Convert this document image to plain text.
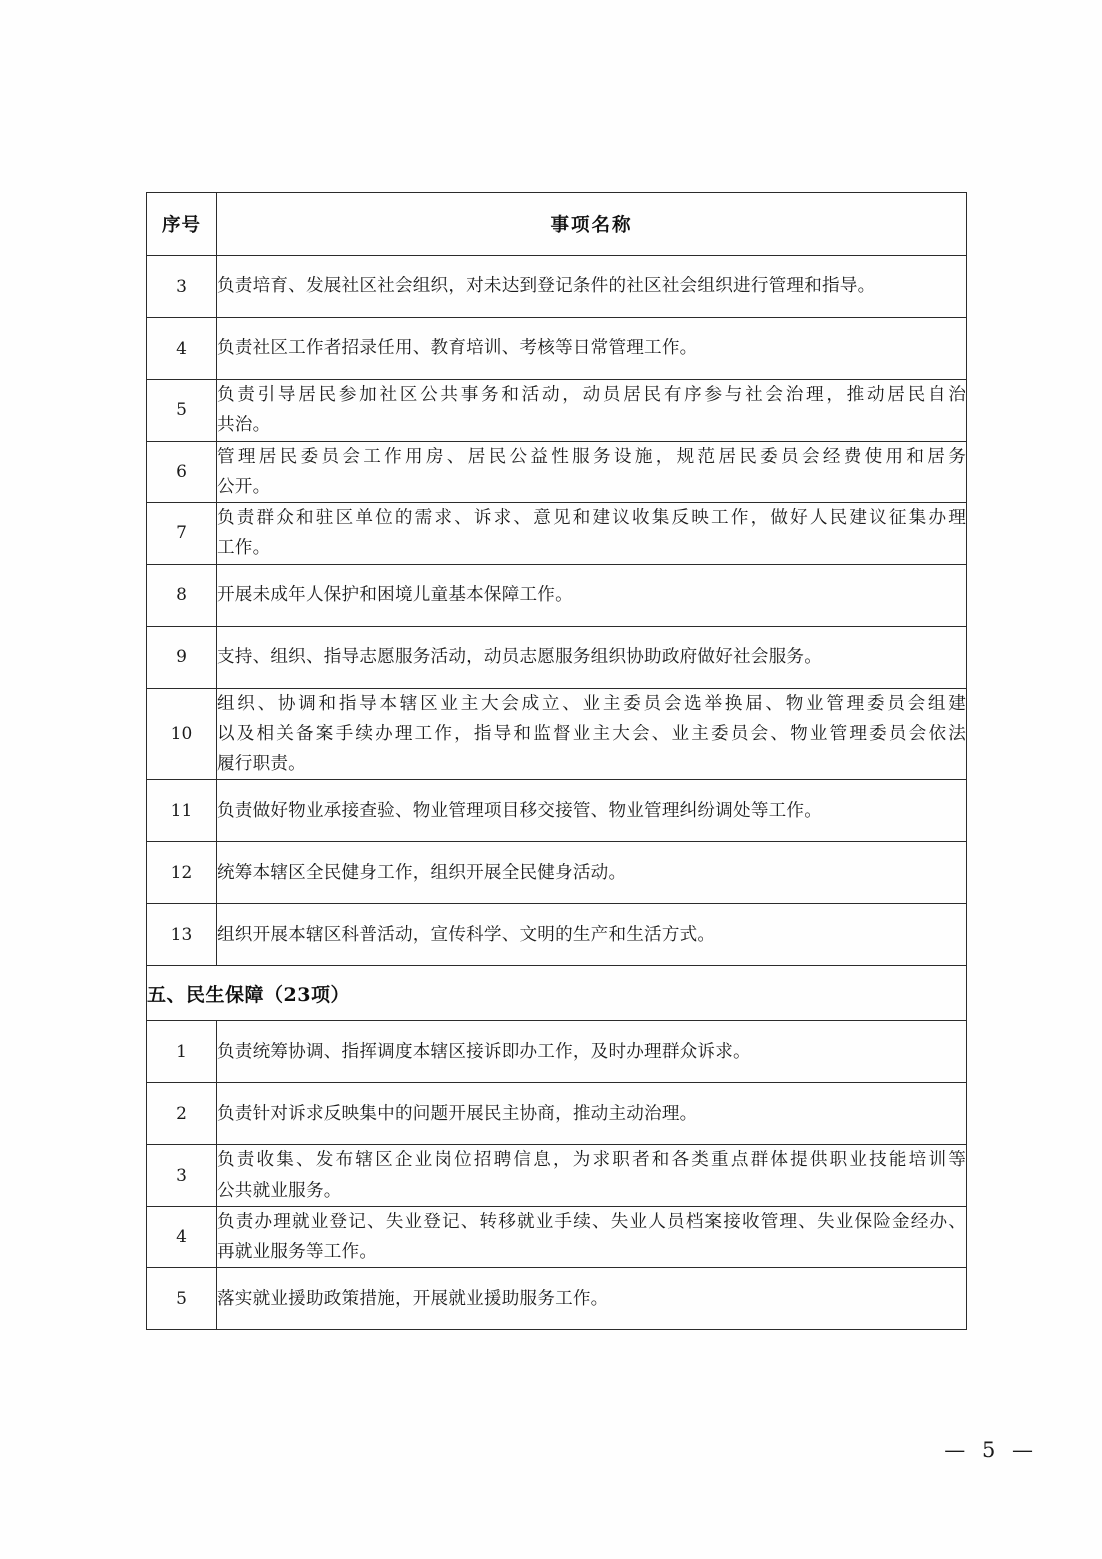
序号	事项名称
3	负责培育、发展社区社会组织，对未达到登记条件的社区社会组织进行管理和指导。

4	负责社区工作者招录任用、教育培训、考核等日常管理工作。

5	负责引导居民参加社区公共事务和活动，动员居民有序参与社会治理，推动居民自治
共治。

6	管理居民委员会工作用房、居民公益性服务设施，规范居民委员会经费使用和居务
公开。

7	负责群众和驻区单位的需求、诉求、意见和建议收集反映工作，做好人民建议征集办理
工作。

8	开展未成年人保护和困境儿童基本保障工作。

9	支持、组织、指导志愿服务活动，动员志愿服务组织协助政府做好社会服务。

10	组织、协调和指导本辖区业主大会成立、业主委员会选举换届、物业管理委员会组建
以及相关备案手续办理工作，指导和监督业主大会、业主委员会、物业管理委员会依法
履行职责。

11	负责做好物业承接查验、物业管理项目移交接管、物业管理纠纷调处等工作。

12	统筹本辖区全民健身工作，组织开展全民健身活动。

13	组织开展本辖区科普活动，宣传科学、文明的生产和生活方式。

五、民生保障（23项）	
1	负责统筹协调、指挥调度本辖区接诉即办工作，及时办理群众诉求。

2	负责针对诉求反映集中的问题开展民主协商，推动主动治理。

3	负责收集、发布辖区企业岗位招聘信息，为求职者和各类重点群体提供职业技能培训等
公共就业服务。

4	负责办理就业登记、失业登记、转移就业手续、失业人员档案接收管理、失业保险金经办、
再就业服务等工作。

5	落实就业援助政策措施，开展就业援助服务工作。
— 5 —
